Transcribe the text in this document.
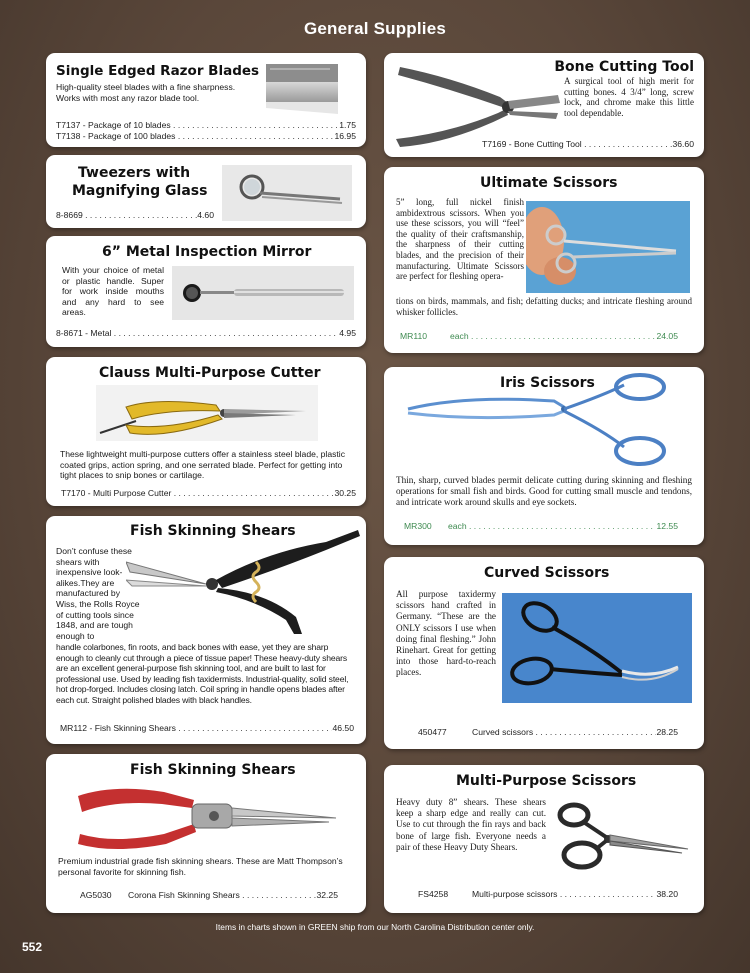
General Supplies
Single Edged Razor Blades
High-quality steel blades with a fine sharpness. Works with most any razor blade tool.
T7137 - Package of 10 blades . . .	1.75
T7138 - Package of 100 blades . . .	16.95
Tweezers with
Magnifying Glass
8-8669 . . .	4.60
6” Metal Inspection Mirror
With your choice of metal or plastic handle. Super for work inside mouths and any hard to see areas.
8-8671 - Metal . . .	4.95
Clauss Multi-Purpose Cutter
These lightweight multi-purpose cutters offer a stainless steel blade, plastic coated grips, action spring, and one serrated blade. Perfect for getting into tight places to snip bones or cartilage.
T7170 - Multi Purpose Cutter . . .	30.25
Fish Skinning Shears
Don’t confuse these shears with inexpensive look-alikes.They are manufactured by Wiss, the Rolls Royce of cutting tools since 1848, and are tough enough to
handle colarbones, fin roots, and back bones with ease, yet they are sharp enough to cleanly cut through a piece of tissue paper! These heavy-duty shears are an excellent general-purpose fish skinning tool, and are built to last for professional use. Used by leading fish taxidermists. Industrial-quality, solid steel, hot drop-forged. Includes closing latch. Coil spring in handle opens blades after each cut. Straight polished blades with black handles.
MR112 - Fish Skinning Shears . . .	46.50
Fish Skinning Shears
Premium industrial grade fish skinning shears. These are Matt Thompson’s personal favorite for skinning fish.
AG5030	Corona Fish Skinning Shears . . .	32.25
Bone Cutting Tool
A surgical tool of high merit for cutting bones. 4 3/4” long, screw lock, and chrome make this little tool dependable.
T7169 - Bone Cutting Tool . . .	36.60
Ultimate Scissors
5” long, full nickel finish ambidextrous scissors. When you use these scissors, you will “feel” the quality of their craftsmanship, the sharpness of their cutting blades, and the precision of their manufacturing. Ultimate Scissors are perfect for fleshing opera-
tions on birds, mammals, and fish; defatting ducks; and intricate fleshing around whisker follicles.
MR110	each . . .	24.05
Iris Scissors
Thin, sharp, curved blades permit delicate cutting during skinning and fleshing operations for small fish and birds. Good for cutting small muscle and tendons, and intricate work around skulls and eye sockets.
MR300	each . . .	12.55
Curved Scissors
All purpose taxidermy scissors hand crafted in Germany. “These are the ONLY scissors I use when doing final fleshing.” John Rinehart. Great for getting into those hard-to-reach places.
450477	Curved scissors . . .	28.25
Multi-Purpose Scissors
Heavy duty 8” shears. These shears keep a sharp edge and really can cut. Use to cut through the fin rays and back bone of large fish. Everyone needs a pair of these Heavy Duty Shears.
FS4258	Multi-purpose scissors . . .	38.20
Items in charts shown in GREEN ship from our North Carolina Distribution center only.
552
